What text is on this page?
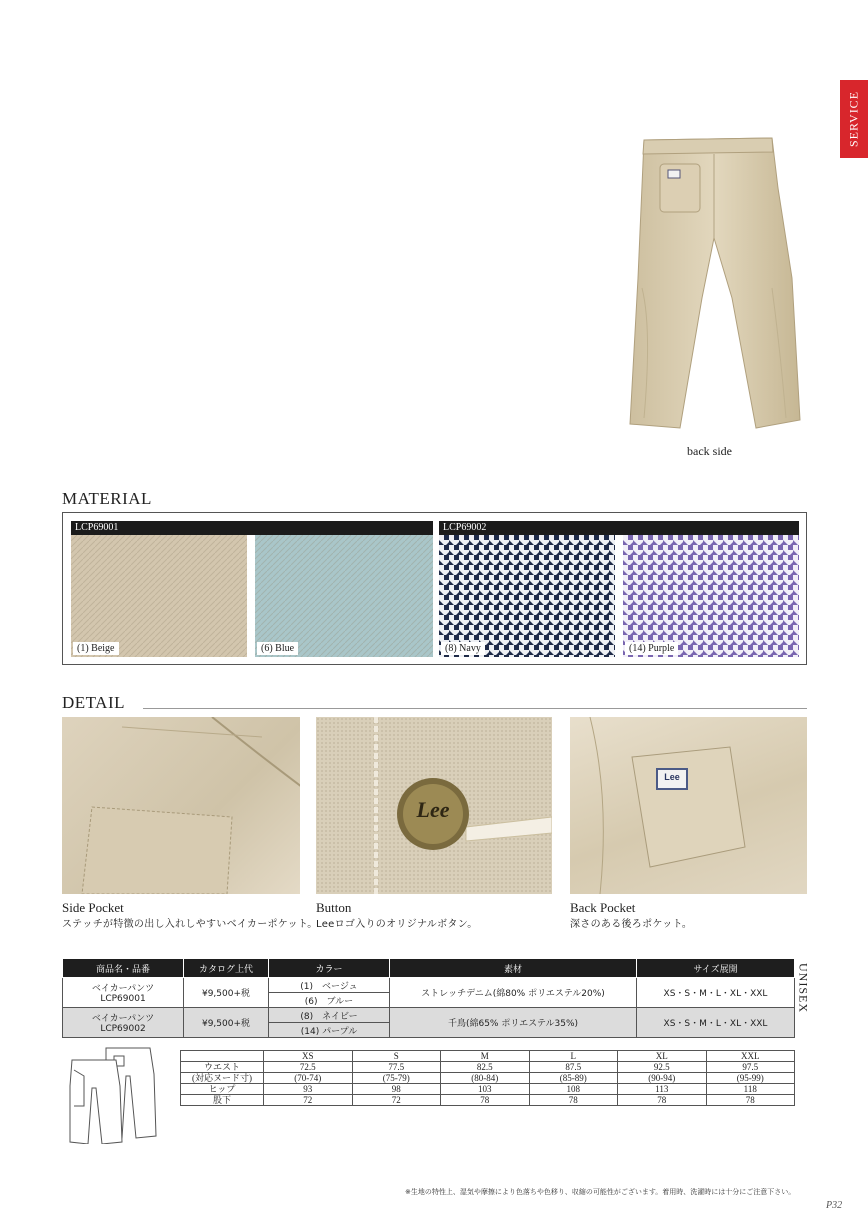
SERVICE
back side
MATERIAL
LCP69001	LCP69002
(1) Beige	(6) Blue	(8) Navy	(14) Purple
DETAIL
Lee
Lee
Side Pocket
ステッチが特徴の出し入れしやすいベイカーポケット。
Button
Leeロゴ入りのオリジナルボタン。
Back Pocket
深さのある後ろポケット。
商品名・品番	カタログ上代	カラー	素材	サイズ展開

ベイカーパンツ
LCP69001	¥9,500+税	(1)　ベージュ	ストレッチデニム(綿80% ポリエステル20%)	XS・S・M・L・XL・XXL
		(6)　ブルー		

ベイカーパンツ
LCP69002	¥9,500+税	(8)　ネイビー	千鳥(綿65% ポリエステル35%)	XS・S・M・L・XL・XXL
		(14) パープル		
UNISEX
	XS	S	M	L	XL	XXL
ウエスト	72.5	77.5	82.5	87.5	92.5	97.5
(対応ヌード寸)	(70-74)	(75-79)	(80-84)	(85-89)	(90-94)	(95-99)
ヒップ	93	98	103	108	113	118
股下	72	72	78	78	78	78
※生地の特性上、湿気や摩擦により色落ちや色移り、収縮の可能性がございます。着用時、洗濯時には十分にご注意下さい。
P32
